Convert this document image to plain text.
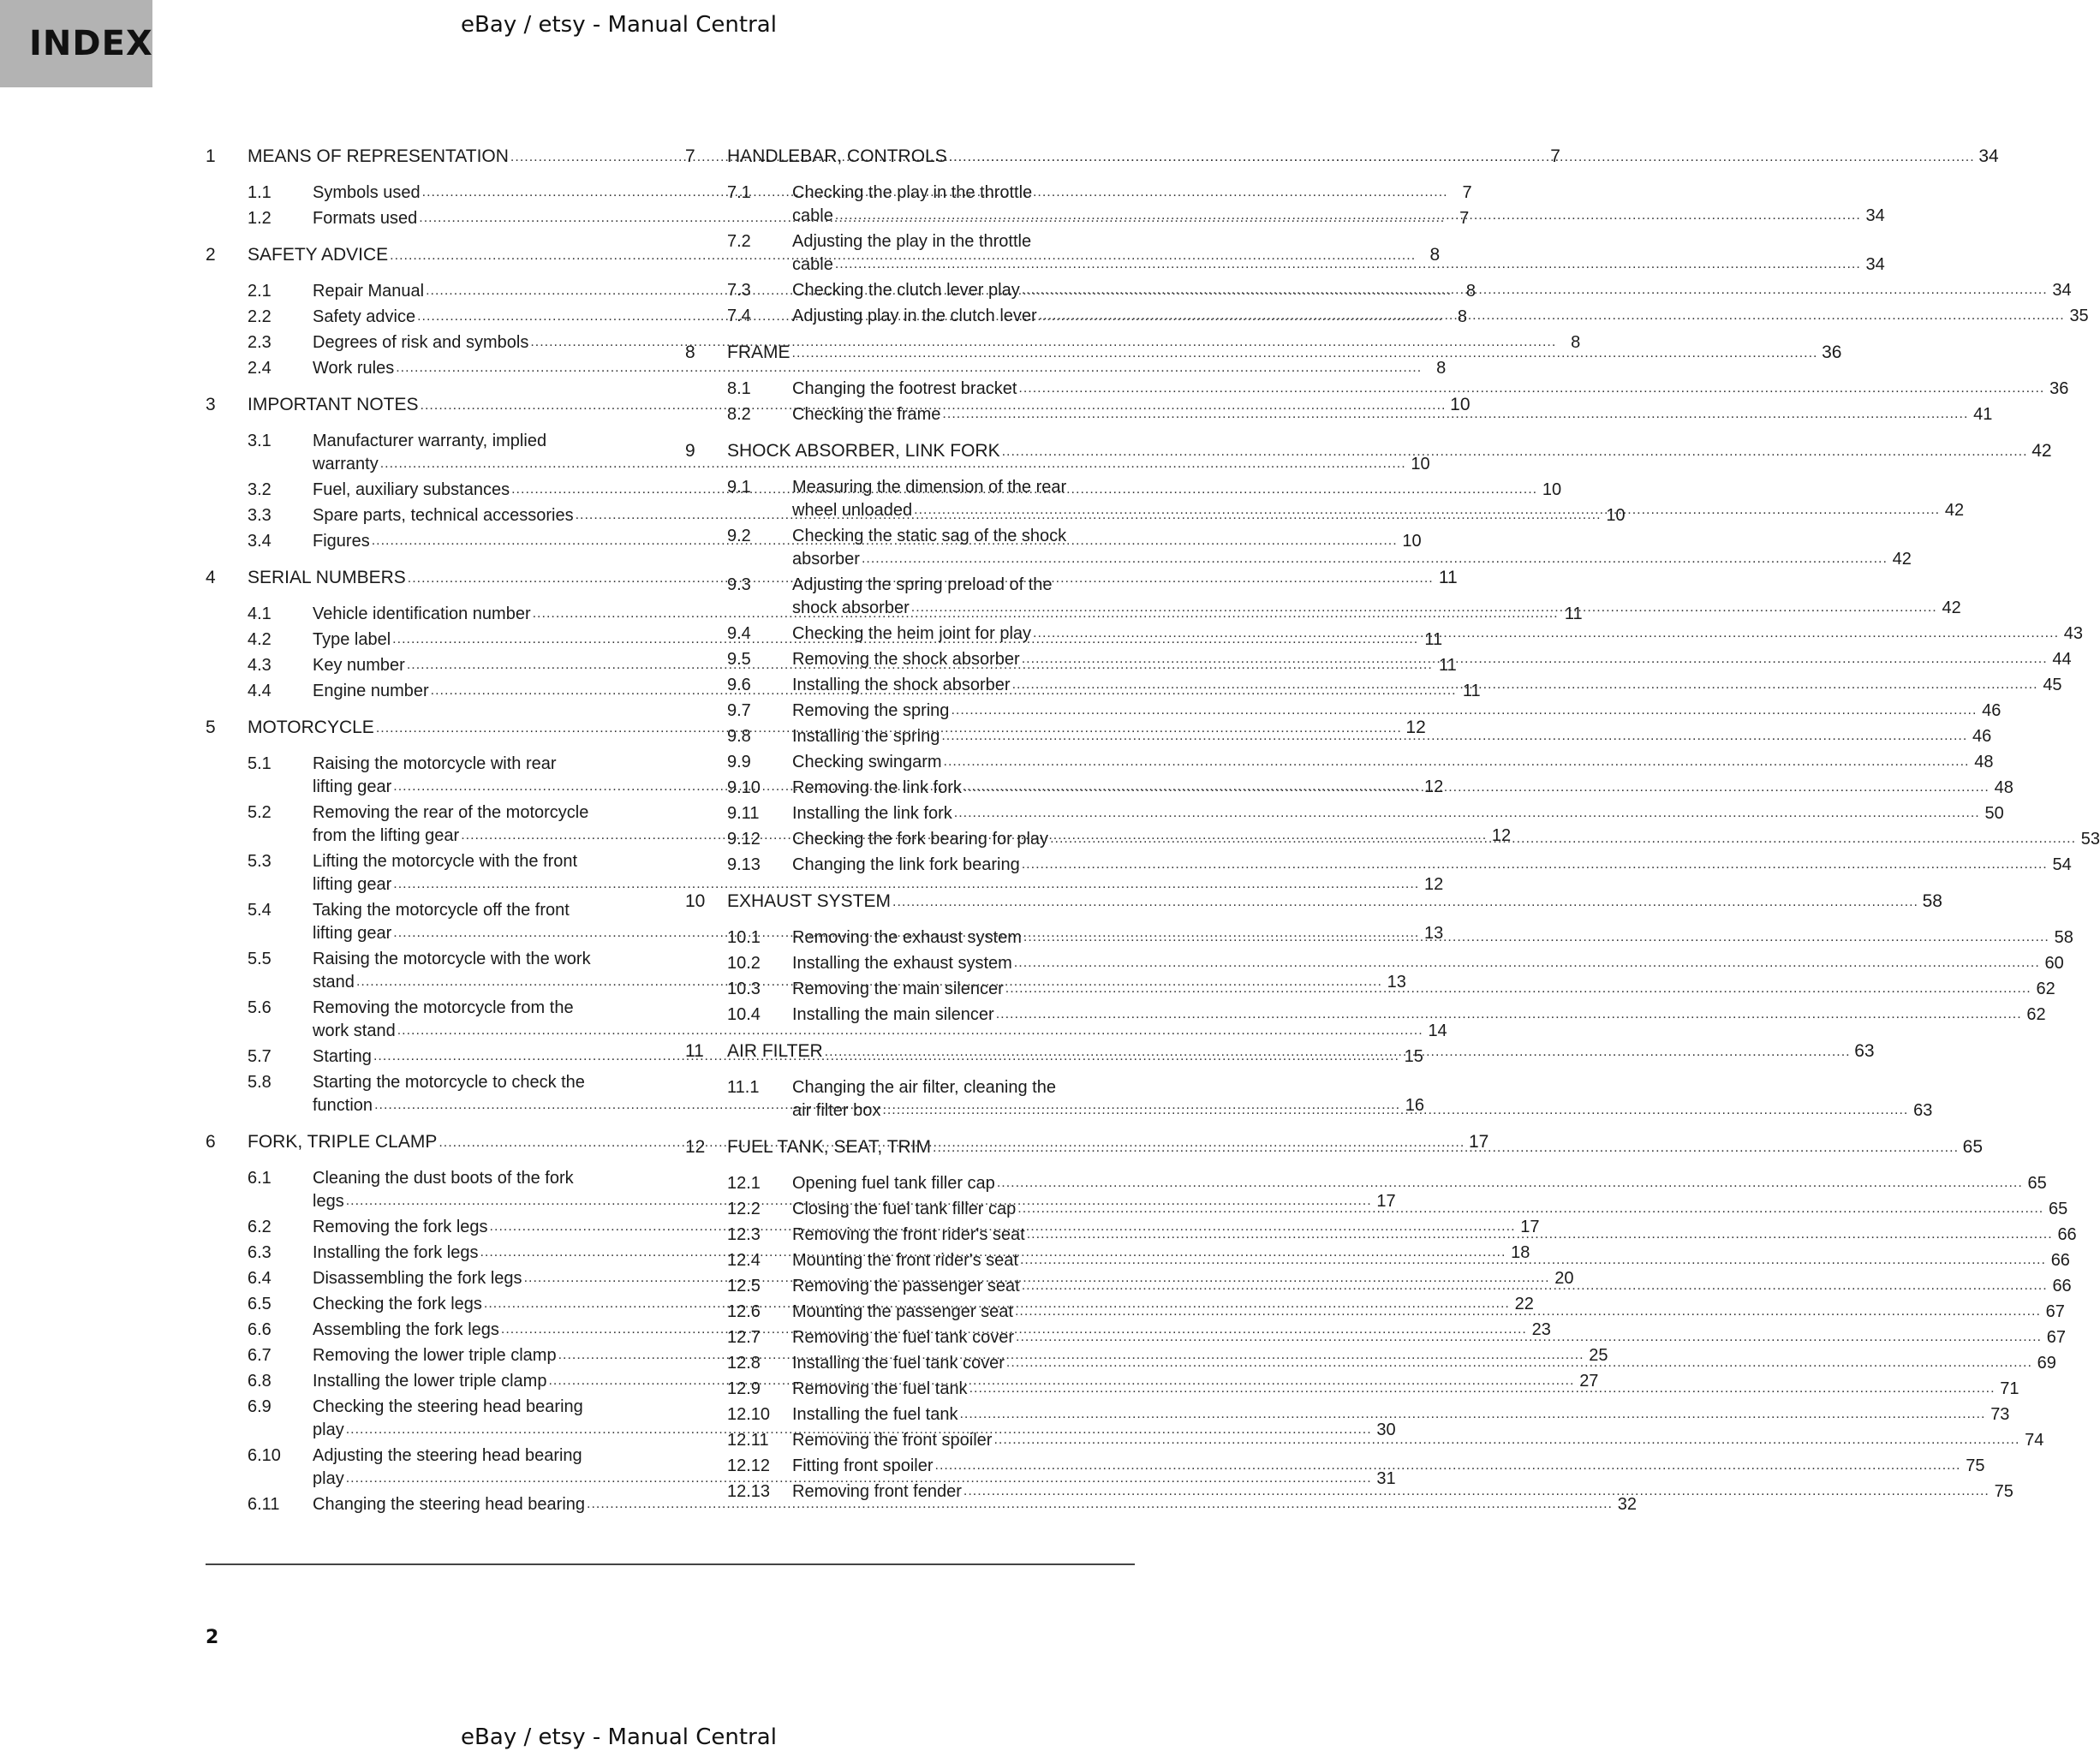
INDEX	eBay / etsy - Manual Central
1	MEANS OF REPRESENTATION .....	7
1.1	Symbols used .....	7
1.2	Formats used .....	7
2	SAFETY ADVICE .....	8
2.1	Repair Manual .....	8
2.2	Safety advice .....	8
2.3	Degrees of risk and symbols .....	8
2.4	Work rules .....	8
3	IMPORTANT NOTES .....	10
3.1	Manufacturer warranty, implied
warranty .....	10
3.2	Fuel, auxiliary substances .....	10
3.3	Spare parts, technical accessories .....	10
3.4	Figures .....	10
4	SERIAL NUMBERS .....	11
4.1	Vehicle identification number .....	11
4.2	Type label .....	11
4.3	Key number .....	11
4.4	Engine number .....	11
5	MOTORCYCLE .....	12
5.1	Raising the motorcycle with rear
lifting gear .....	12
5.2	Removing the rear of the motorcycle
from the lifting gear .....	12
5.3	Lifting the motorcycle with the front
lifting gear .....	12
5.4	Taking the motorcycle off the front
lifting gear .....	13
5.5	Raising the motorcycle with the work
stand .....	13
5.6	Removing the motorcycle from the
work stand .....	14
5.7	Starting .....	15
5.8	Starting the motorcycle to check the
function .....	16
6	FORK, TRIPLE CLAMP .....	17
6.1	Cleaning the dust boots of the fork
legs .....	17
6.2	Removing the fork legs .....	17
6.3	Installing the fork legs .....	18
6.4	Disassembling the fork legs .....	20
6.5	Checking the fork legs .....	22
6.6	Assembling the fork legs .....	23
6.7	Removing the lower triple clamp .....	25
6.8	Installing the lower triple clamp .....	27
6.9	Checking the steering head bearing
play .....	30
6.10	Adjusting the steering head bearing
play .....	31
6.11	Changing the steering head bearing .....	32
7	HANDLEBAR, CONTROLS .....	34
7.1	Checking the play in the throttle
cable .....	34
7.2	Adjusting the play in the throttle
cable .....	34
7.3	Checking the clutch lever play .....	34
7.4	Adjusting play in the clutch lever .....	35
8	FRAME .....	36
8.1	Changing the footrest bracket .....	36
8.2	Checking the frame .....	41
9	SHOCK ABSORBER, LINK FORK .....	42
9.1	Measuring the dimension of the rear
wheel unloaded .....	42
9.2	Checking the static sag of the shock
absorber .....	42
9.3	Adjusting the spring preload of the
shock absorber .....	42
9.4	Checking the heim joint for play .....	43
9.5	Removing the shock absorber .....	44
9.6	Installing the shock absorber .....	45
9.7	Removing the spring .....	46
9.8	Installing the spring .....	46
9.9	Checking swingarm .....	48
9.10	Removing the link fork .....	48
9.11	Installing the link fork .....	50
9.12	Checking the fork bearing for play .....	53
9.13	Changing the link fork bearing .....	54
10	EXHAUST SYSTEM .....	58
10.1	Removing the exhaust system .....	58
10.2	Installing the exhaust system .....	60
10.3	Removing the main silencer .....	62
10.4	Installing the main silencer .....	62
11	AIR FILTER .....	63
11.1	Changing the air filter, cleaning the
air filter box .....	63
12	FUEL TANK, SEAT, TRIM .....	65
12.1	Opening fuel tank filler cap .....	65
12.2	Closing the fuel tank filler cap .....	65
12.3	Removing the front rider's seat .....	66
12.4	Mounting the front rider's seat .....	66
12.5	Removing the passenger seat .....	66
12.6	Mounting the passenger seat .....	67
12.7	Removing the fuel tank cover .....	67
12.8	Installing the fuel tank cover .....	69
12.9	Removing the fuel tank .....	71
12.10	Installing the fuel tank .....	73
12.11	Removing the front spoiler .....	74
12.12	Fitting front spoiler .....	75
12.13	Removing front fender .....	75
2
eBay / etsy - Manual Central
